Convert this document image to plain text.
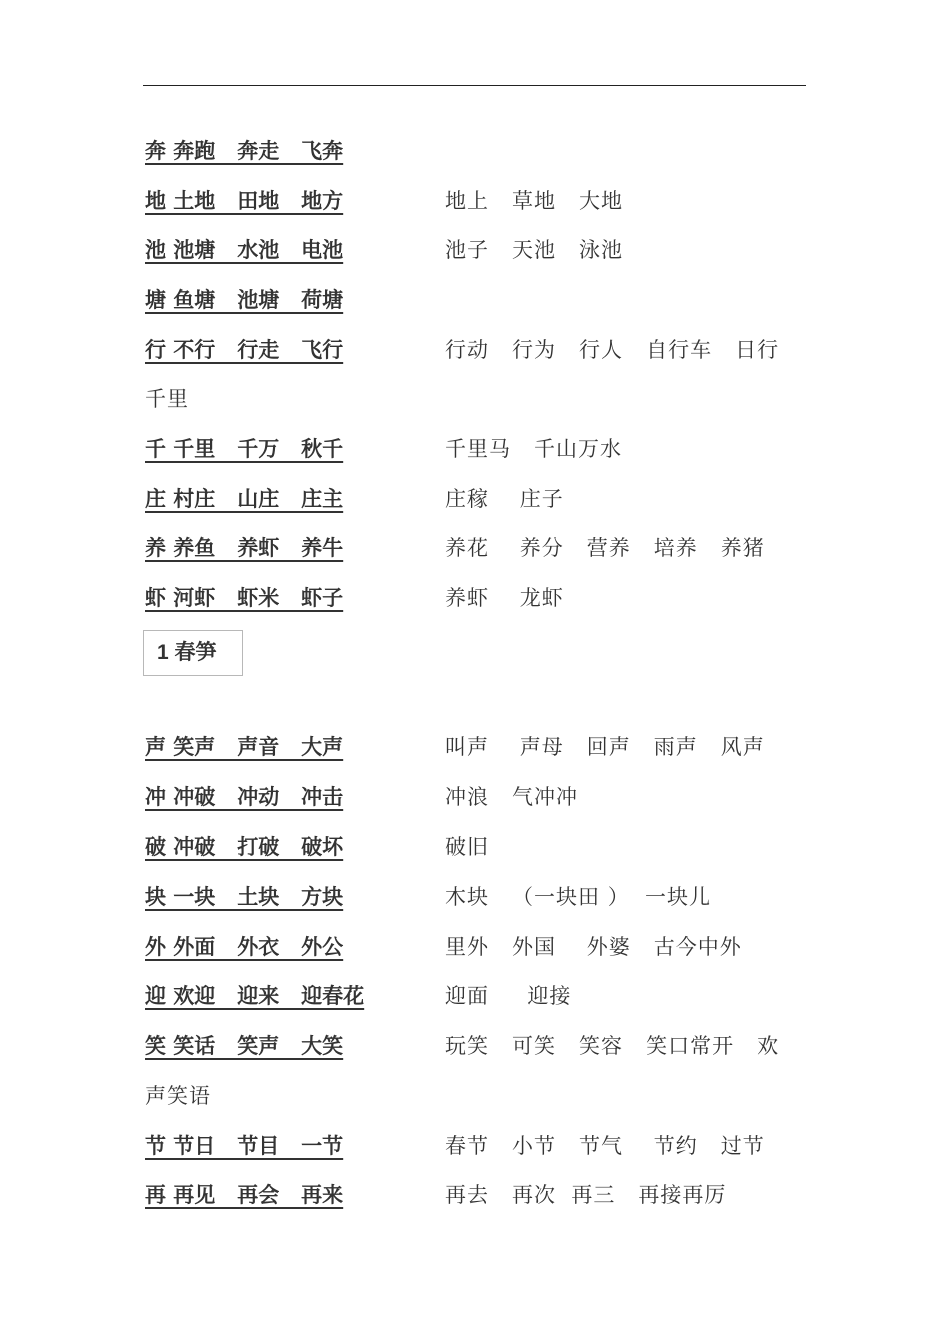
奔 奔跑   奔走   飞奔
地 土地   田地   地方	地上   草地   大地
池 池塘   水池   电池	池子   天池   泳池
塘 鱼塘   池塘   荷塘
行 不行   行走   飞行	行动   行为   行人   自行车   日行
千里
千 千里   千万   秋千	千里马   千山万水
庄 村庄   山庄   庄主	庄稼    庄子
养 养鱼   养虾   养牛	养花    养分   营养   培养   养猪
虾 河虾   虾米   虾子	养虾    龙虾
1 春笋
声 笑声   声音   大声	叫声    声母   回声   雨声   风声
冲 冲破   冲动   冲击	冲浪   气冲冲
破 冲破   打破   破坏	破旧
块 一块   土块   方块	木块   （一块田 ）  一块儿
外 外面   外衣   外公	里外   外国    外婆   古今中外
迎 欢迎   迎来   迎春花	迎面     迎接
笑 笑话   笑声   大笑	玩笑   可笑   笑容   笑口常开   欢
声笑语
节 节日   节目   一节	春节   小节   节气    节约   过节
再 再见   再会   再来	再去   再次  再三   再接再厉
